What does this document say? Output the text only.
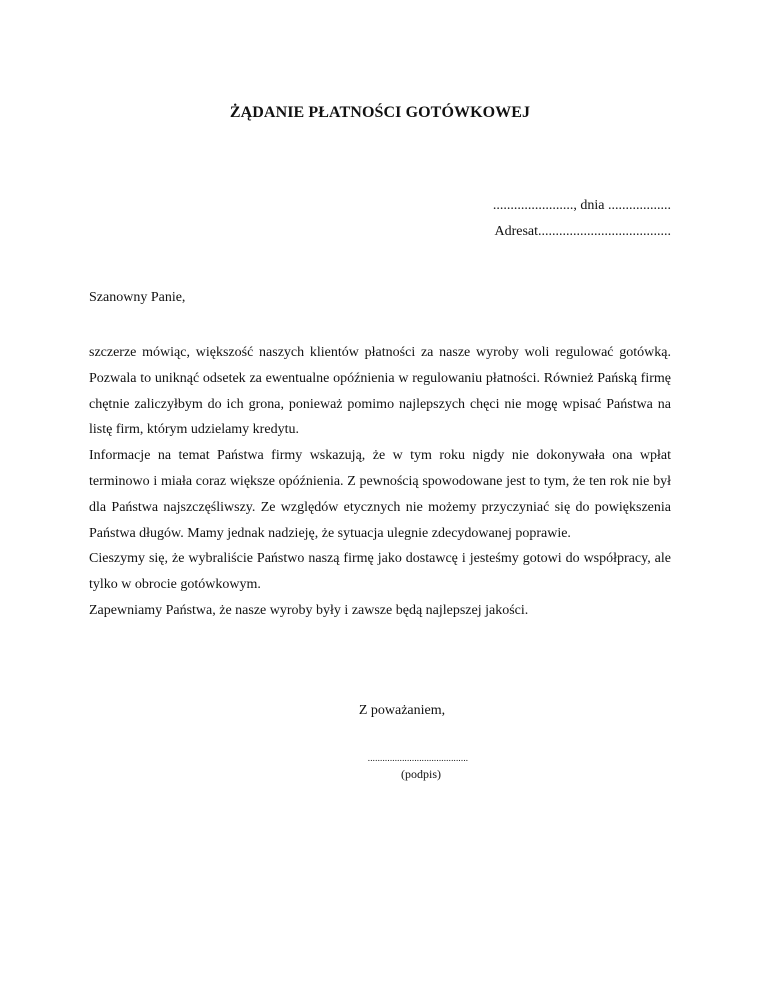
ŻĄDANIE PŁATNOŚCI GOTÓWKOWEJ
......................., dnia ..................
Adresat......................................
Szanowny Panie,

szczerze mówiąc, większość naszych klientów płatności za nasze wyroby woli regulować gotówką. Pozwala to uniknąć odsetek za ewentualne opóźnienia w regulowaniu płatności. Również Pańską firmę chętnie zaliczyłbym do ich grona, ponieważ pomimo najlepszych chęci nie mogę wpisać Państwa na listę firm, którym udzielamy kredytu.

Informacje na temat Państwa firmy wskazują, że w tym roku nigdy nie dokonywała ona wpłat terminowo i miała coraz większe opóźnienia. Z pewnością spowodowane jest to tym, że ten rok nie był dla Państwa najszczęśliwszy. Ze względów etycznych nie możemy przyczyniać się do powiększenia Państwa długów. Mamy jednak nadzieję, że sytuacja ulegnie zdecydowanej poprawie.

Cieszymy się, że wybraliście Państwo naszą firmę jako dostawcę i jesteśmy gotowi do współpracy, ale tylko w obrocie gotówkowym.

Zapewniamy Państwa, że nasze wyroby były i zawsze będą najlepszej jakości.

Z poważaniem,
.........................................
(podpis)
